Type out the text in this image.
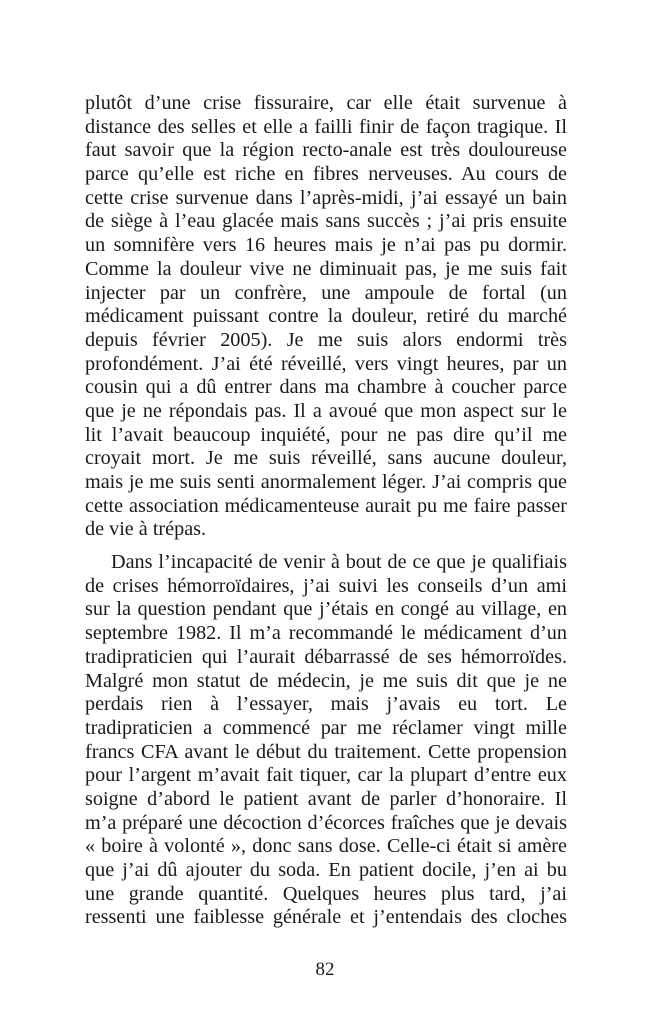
plutôt d’une crise fissuraire, car elle était survenue à
distance des selles et elle a failli finir de façon tragique. Il
faut savoir que la région recto-anale est très douloureuse
parce qu’elle est riche en fibres nerveuses. Au cours de
cette crise survenue dans l’après-midi, j’ai essayé un bain
de siège à l’eau glacée mais sans succès ; j’ai pris ensuite
un somnifère vers 16 heures mais je n’ai pas pu dormir.
Comme la douleur vive ne diminuait pas, je me suis fait
injecter par un confrère, une ampoule de fortal (un
médicament puissant contre la douleur, retiré du marché
depuis février 2005). Je me suis alors endormi très
profondément. J’ai été réveillé, vers vingt heures, par un
cousin qui a dû entrer dans ma chambre à coucher parce
que je ne répondais pas. Il a avoué que mon aspect sur le
lit l’avait beaucoup inquiété, pour ne pas dire qu’il me
croyait mort. Je me suis réveillé, sans aucune douleur,
mais je me suis senti anormalement léger. J’ai compris que
cette association médicamenteuse aurait pu me faire passer
de vie à trépas.
Dans l’incapacité de venir à bout de ce que je qualifiais
de crises hémorroïdaires, j’ai suivi les conseils d’un ami
sur la question pendant que j’étais en congé au village, en
septembre 1982. Il m’a recommandé le médicament d’un
tradipraticien qui l’aurait débarrassé de ses hémorroïdes.
Malgré mon statut de médecin, je me suis dit que je ne
perdais rien à l’essayer, mais j’avais eu tort. Le
tradipraticien a commencé par me réclamer vingt mille
francs CFA avant le début du traitement. Cette propension
pour l’argent m’avait fait tiquer, car la plupart d’entre eux
soigne d’abord le patient avant de parler d’honoraire. Il
m’a préparé une décoction d’écorces fraîches que je devais
« boire à volonté », donc sans dose. Celle-ci était si amère
que j’ai dû ajouter du soda. En patient docile, j’en ai bu
une grande quantité. Quelques heures plus tard, j’ai
ressenti une faiblesse générale et j’entendais des cloches
82
